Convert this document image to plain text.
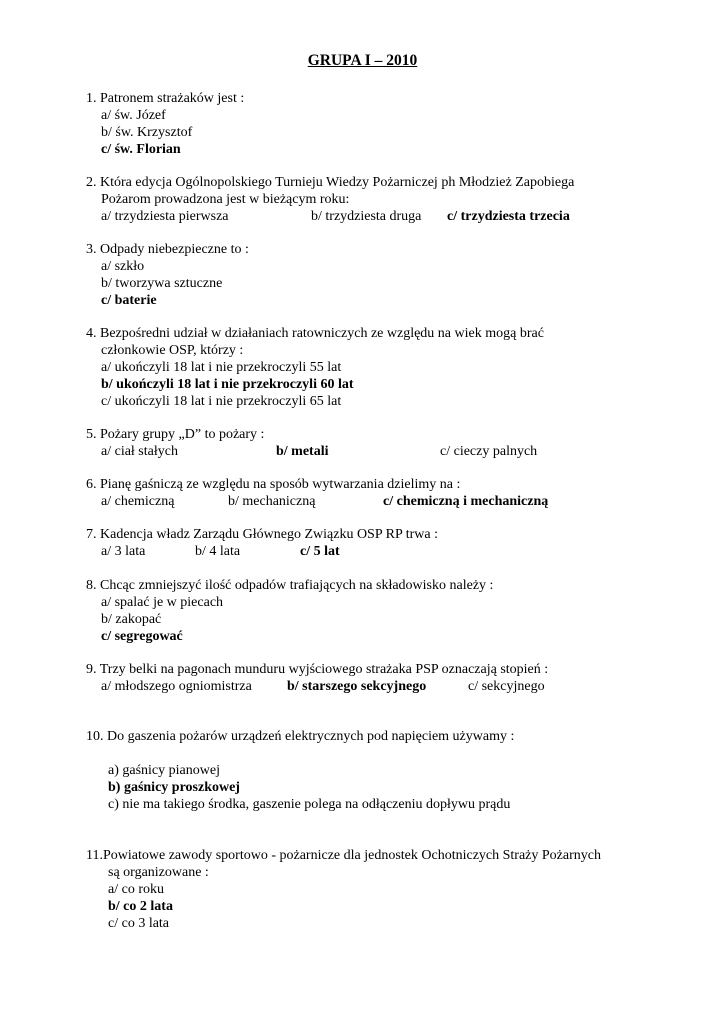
GRUPA I – 2010
1. Patronem strażaków jest :
a/ św. Józef
b/ św. Krzysztof
c/ św. Florian
2. Która edycja Ogólnopolskiego Turnieju Wiedzy Pożarniczej ph Młodzież Zapobiega
Pożarom prowadzona jest w bieżącym roku:
a/ trzydziesta pierwsza	b/ trzydziesta druga c/ trzydziesta trzecia
3. Odpady niebezpieczne to :
a/ szkło
b/ tworzywa sztuczne
c/ baterie
4. Bezpośredni udział w działaniach ratowniczych ze względu na wiek mogą brać
członkowie OSP, którzy :
a/ ukończyli 18 lat i nie przekroczyli 55 lat
b/ ukończyli 18 lat i nie przekroczyli 60 lat
c/ ukończyli 18 lat i nie przekroczyli 65 lat
5. Pożary grupy „D” to pożary :
a/ ciał stałych	b/ metali	c/ cieczy palnych
6. Pianę gaśniczą ze względu na sposób wytwarzania dzielimy na :
a/ chemiczną	b/ mechaniczną	c/ chemiczną i mechaniczną
7. Kadencja władz Zarządu Głównego Związku OSP RP trwa :
a/ 3 lata	b/ 4 lata	c/ 5 lat
8. Chcąc zmniejszyć ilość odpadów trafiających na składowisko należy :
a/ spalać je w piecach
b/ zakopać
c/ segregować
9. Trzy belki na pagonach munduru wyjściowego strażaka PSP oznaczają stopień :
a/ młodszego ogniomistrza	b/ starszego sekcyjnego	c/ sekcyjnego
10. Do gaszenia pożarów urządzeń elektrycznych pod napięciem używamy :
a) gaśnicy pianowej
b) gaśnicy proszkowej
c) nie ma takiego środka, gaszenie polega na odłączeniu dopływu prądu
11.Powiatowe zawody sportowo - pożarnicze dla jednostek Ochotniczych Straży Pożarnych
są organizowane :
a/ co roku
b/ co 2 lata
c/ co 3 lata
